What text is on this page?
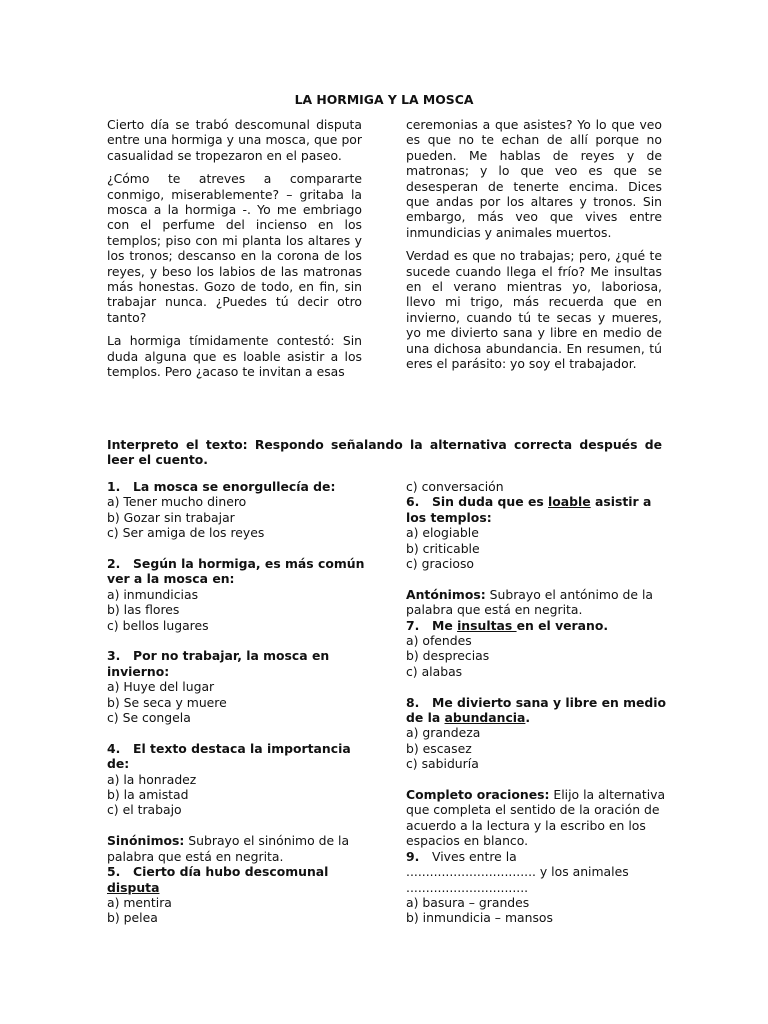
LA HORMIGA Y LA MOSCA

Cierto día se trabó descomunal disputa entre una hormiga y una mosca, que por casualidad se tropezaron en el paseo.

¿Cómo te atreves a compararte conmigo, miserablemente? – gritaba la mosca a la hormiga -. Yo me embriago con el perfume del incienso en los templos; piso con mi planta los altares y los tronos; descanso en la corona de los reyes, y beso los labios de las matronas más honestas. Gozo de todo, en fin, sin trabajar nunca. ¿Puedes tú decir otro tanto?

La hormiga tímidamente contestó: Sin duda alguna que es loable asistir a los templos. Pero ¿acaso te invitan a esas

ceremonias a que asistes? Yo lo que veo es que no te echan de allí porque no pueden. Me hablas de reyes y de matronas; y lo que veo es que se desesperan de tenerte encima. Dices que andas por los altares y tronos. Sin embargo, más veo que vives entre inmundicias y animales muertos.

Verdad es que no trabajas; pero, ¿qué te sucede cuando llega el frío? Me insultas en el verano mientras yo, laboriosa, llevo mi trigo, más recuerda que en invierno, cuando tú te secas y mueres, yo me divierto sana y libre en medio de una dichosa abundancia. En resumen, tú eres el parásito: yo soy el trabajador.

Interpreto el texto: Respondo señalando la alternativa correcta después de leer el cuento.
1. La mosca se enorgullecía de:
a) Tener mucho dinero
b) Gozar sin trabajar
c) Ser amiga de los reyes
2. Según la hormiga, es más común ver a la mosca en:
a) inmundicias
b) las flores
c) bellos lugares
3. Por no trabajar, la mosca en invierno:
a) Huye del lugar
b) Se seca y muere
c) Se congela
4. El texto destaca la importancia de:
a) la honradez
b) la amistad
c) el trabajo
Sinónimos: Subrayo el sinónimo de la palabra que está en negrita.
5. Cierto día hubo descomunal disputa
a) mentira
b) pelea
c) conversación
6. Sin duda que es loable asistir a los templos:
a) elogiable
b) criticable
c) gracioso
Antónimos: Subrayo el antónimo de la palabra que está en negrita.
7. Me insultas en el verano.
a) ofendes
b) desprecias
c) alabas
8. Me divierto sana y libre en medio de la abundancia.
a) grandeza
b) escasez
c) sabiduría
Completo oraciones: Elijo la alternativa que completa el sentido de la oración de acuerdo a la lectura y la escribo en los espacios en blanco.
9. Vives entre la
................................. y los animales
...............................
a) basura – grandes
b) inmundicia – mansos
